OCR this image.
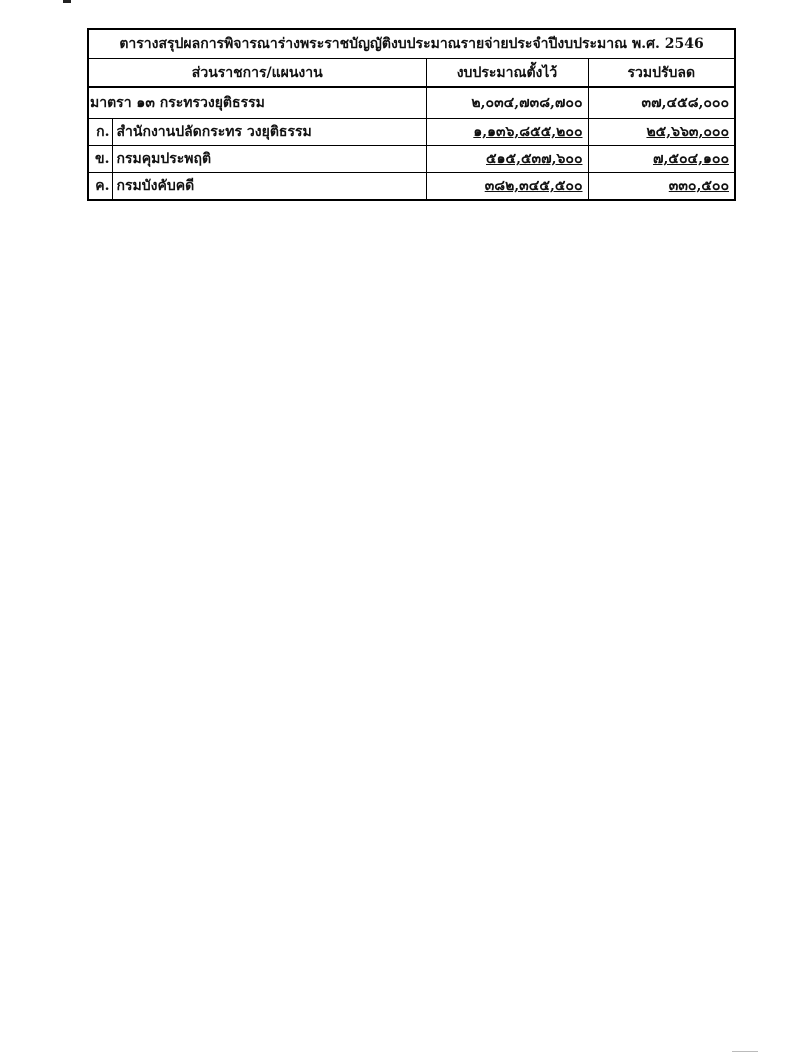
ตารางสรุปผลการพิจารณาร่างพระราชบัญญัติงบประมาณรายจ่ายประจำปีงบประมาณ พ.ศ. 2546			
ส่วนราชการ/แผนงาน		งบประมาณตั้งไว้	รวมปรับลด
มาตรา ๑๓ กระทรวงยุติธรรม		๒,๐๓๔,๗๓๘,๗๐๐	๓๗,๔๕๘,๐๐๐
ก.	สำนักงานปลัดกระทร วงยุติธรรม	๑,๑๓๖,๘๕๕,๒๐๐	๒๕,๖๖๓,๐๐๐
ข.	กรมคุมประพฤติ	๕๑๕,๕๓๗,๖๐๐	๗,๕๐๔,๑๐๐
ค.	กรมบังคับคดี	๓๘๒,๓๔๕,๕๐๐	๓๓๐,๕๐๐
